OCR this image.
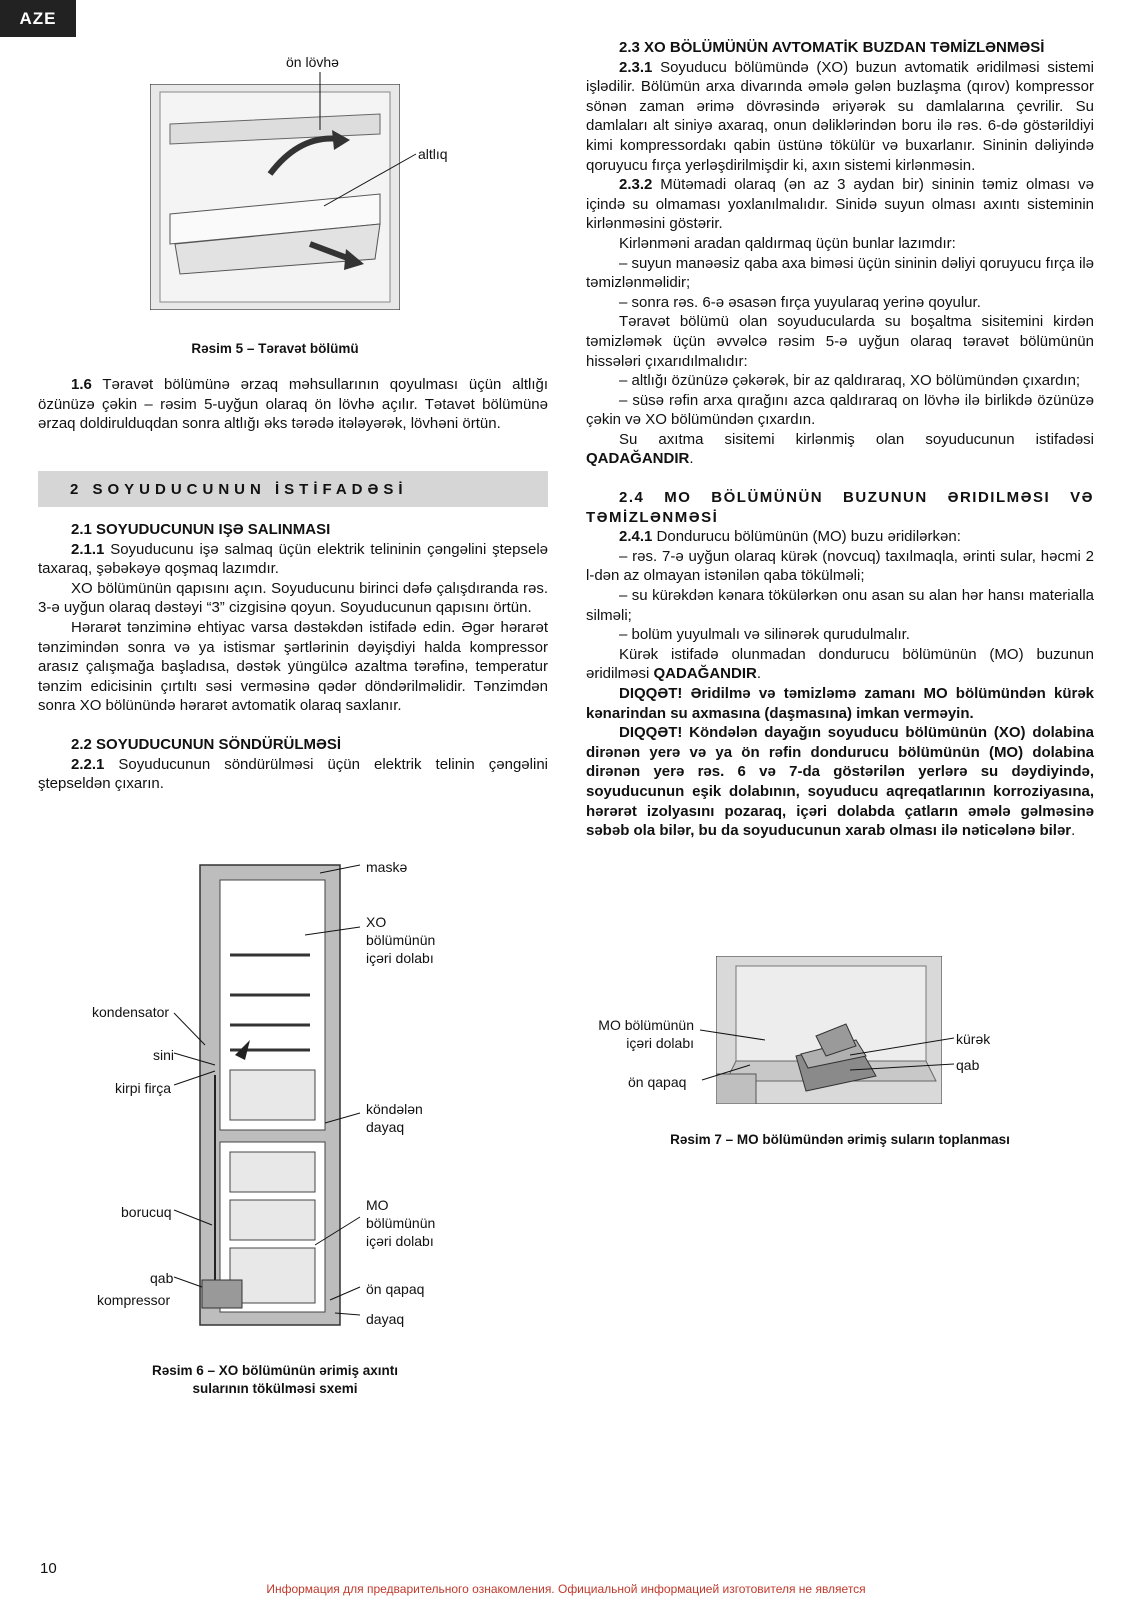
AZE
ön lövhə
altlıq
Rəsim 5 – Təravət bölümü

1.6 Təravət bölümünə ərzaq məhsullarının qoyulması üçün altlığı özünüzə çəkin – rəsim 5-uyğun olaraq ön lövhə açılır. Tətavət bölümünə ərzaq doldirulduqdan sonra altlığı əks tərədə itələyərək, lövhəni örtün.

2 SOYUDUCUNUN İSTİFADƏSİ

2.1 SOYUDUCUNUN IŞƏ SALINMASI

2.1.1 Soyuducunu işə salmaq üçün elektrik telininin çəngəlini ştepselə taxaraq, şəbəkəyə qoşmaq lazımdır.

XO bölümünün qapısını açın. Soyuducunu birinci dəfə çalışdıranda rəs. 3-ə uyğun olaraq dəstəyi “3” cizgisinə qoyun. Soyuducunun qapısını örtün.

Hərarət tənziminə ehtiyac varsa dəstəkdən istifadə edin. Əgər hərarət tənzimindən sonra və ya istismar şərtlərinin dəyişdiyi halda kompressor arasız çalışmağa başladısa, dəstək yüngülcə azaltma tərəfinə, temperatur tənzim edicisinin çırtıltı səsi verməsinə qədər döndərilməlidir. Tənzimdən sonra XO bölünündə hərarət avtomatik olaraq saxlanır.

2.2 SOYUDUCUNUN SÖNDÜRÜLMƏSİ

2.2.1 Soyuducunun söndürülməsi üçün elektrik telinin çəngəlini ştepseldən çıxarın.

maskə
XO
bölümünün
içəri dolabı
kondensator
sini
kirpi firça
köndələn
dayaq
borucuq	MO
bölümünün
içəri dolabı
qab
kompressor
ön qapaq
dayaq
Rəsim 6 – XO bölümünün ərimiş axıntı
sularının tökülməsi sxemi

2.3 XO BÖLÜMÜNÜN AVTOMATİK BUZDAN TƏMİZLƏNMƏSİ

2.3.1 Soyuducu bölümündə (XO) buzun avtomatik əridilməsi sistemi işlədilir. Bölümün arxa divarında əmələ gələn buzlaşma (qırov) kompressor sönən zaman ərimə dövrəsində əriyərək su damlalarına çevrilir. Su damlaları alt siniyə axaraq, onun dəliklərindən boru ilə rəs. 6-də göstərildiyi kimi kompressordakı qabin üstünə tökülür və buxarlanır. Sininin dəliyində qoruyucu fırça yerləşdirilmişdir ki, axın sistemi kirlənməsin.

2.3.2 Mütəmadi olaraq (ən az 3 aydan bir) sininin təmiz olması və içində su olmaması yoxlanılmalıdır. Sinidə suyun olması axıntı sisteminin kirlənməsini göstərir.

Kirlənməni aradan qaldırmaq üçün bunlar lazımdır:

– suyun manəəsiz qaba axa biməsi üçün sininin dəliyi qoruyucu fırça ilə təmizlənməlidir;

– sonra rəs. 6-ə əsasən fırça yuyularaq yerinə qoyulur.

Təravət bölümü olan soyuducularda su boşaltma sisitemini kirdən təmizləmək üçün əvvəlcə rəsim 5-ə uyğun olaraq təravət bölümünün hissələri çıxarıdılmalıdır:

– altlığı özünüzə çəkərək, bir az qaldıraraq, XO bölümündən çıxardın;

– süsə rəfin arxa qırağını azca qaldıraraq on lövhə ilə birlikdə özünüzə çəkin və XO bölümündən çıxardın.

Su axıtma sisitemi kirlənmiş olan soyuducunun istifadəsi QADAĞANDIR.

2.4 MO BÖLÜMÜNÜN BUZUNUN ƏRIDILMƏSI VƏ TƏMİZLƏNMƏSİ

2.4.1 Dondurucu bölümünün (MO) buzu əridilərkən:

– rəs. 7-ə uyğun olaraq kürək (novcuq) taxılmaqla, ərinti sular, həcmi 2 l-dən az olmayan istənilən qaba tökülməli;

– su kürəkdən kənara tökülərkən onu asan su alan hər hansı materialla silməli;

– bolüm yuyulmalı və silinərək qurudulmalır.

Kürək istifadə olunmadan dondurucu bölümünün (MO) buzunun əridilməsi QADAĞANDIR.

DIQQƏT! Əridilmə və təmizləmə zamanı MO bölümündən kürək kənarindan su axmasına (daşmasına) imkan verməyin.

DIQQƏT! Köndələn dayağın soyuducu bölümünün (XO) dolabina dirənən yerə və ya ön rəfin dondurucu bölümünün (MO) dolabina dirənən yerə rəs. 6 və 7-da göstərilən yerlərə su dəydiyində, soyuducunun eşik dolabının, soyuducu aqreqatlarının korroziyasına, hərərət izolyasını pozaraq, içəri dolabda çatların əmələ gəlməsinə səbəb ola bilər, bu da soyuducunun xarab olması ilə nəticələnə bilər.

MO bölümünün
içəri dolabı
ön qapaq
kürək
qab
Rəsim 7 – MO bölümündən ərimiş suların toplanması
10
Информация для предварительного ознакомления. Официальной информацией изготовителя не является
